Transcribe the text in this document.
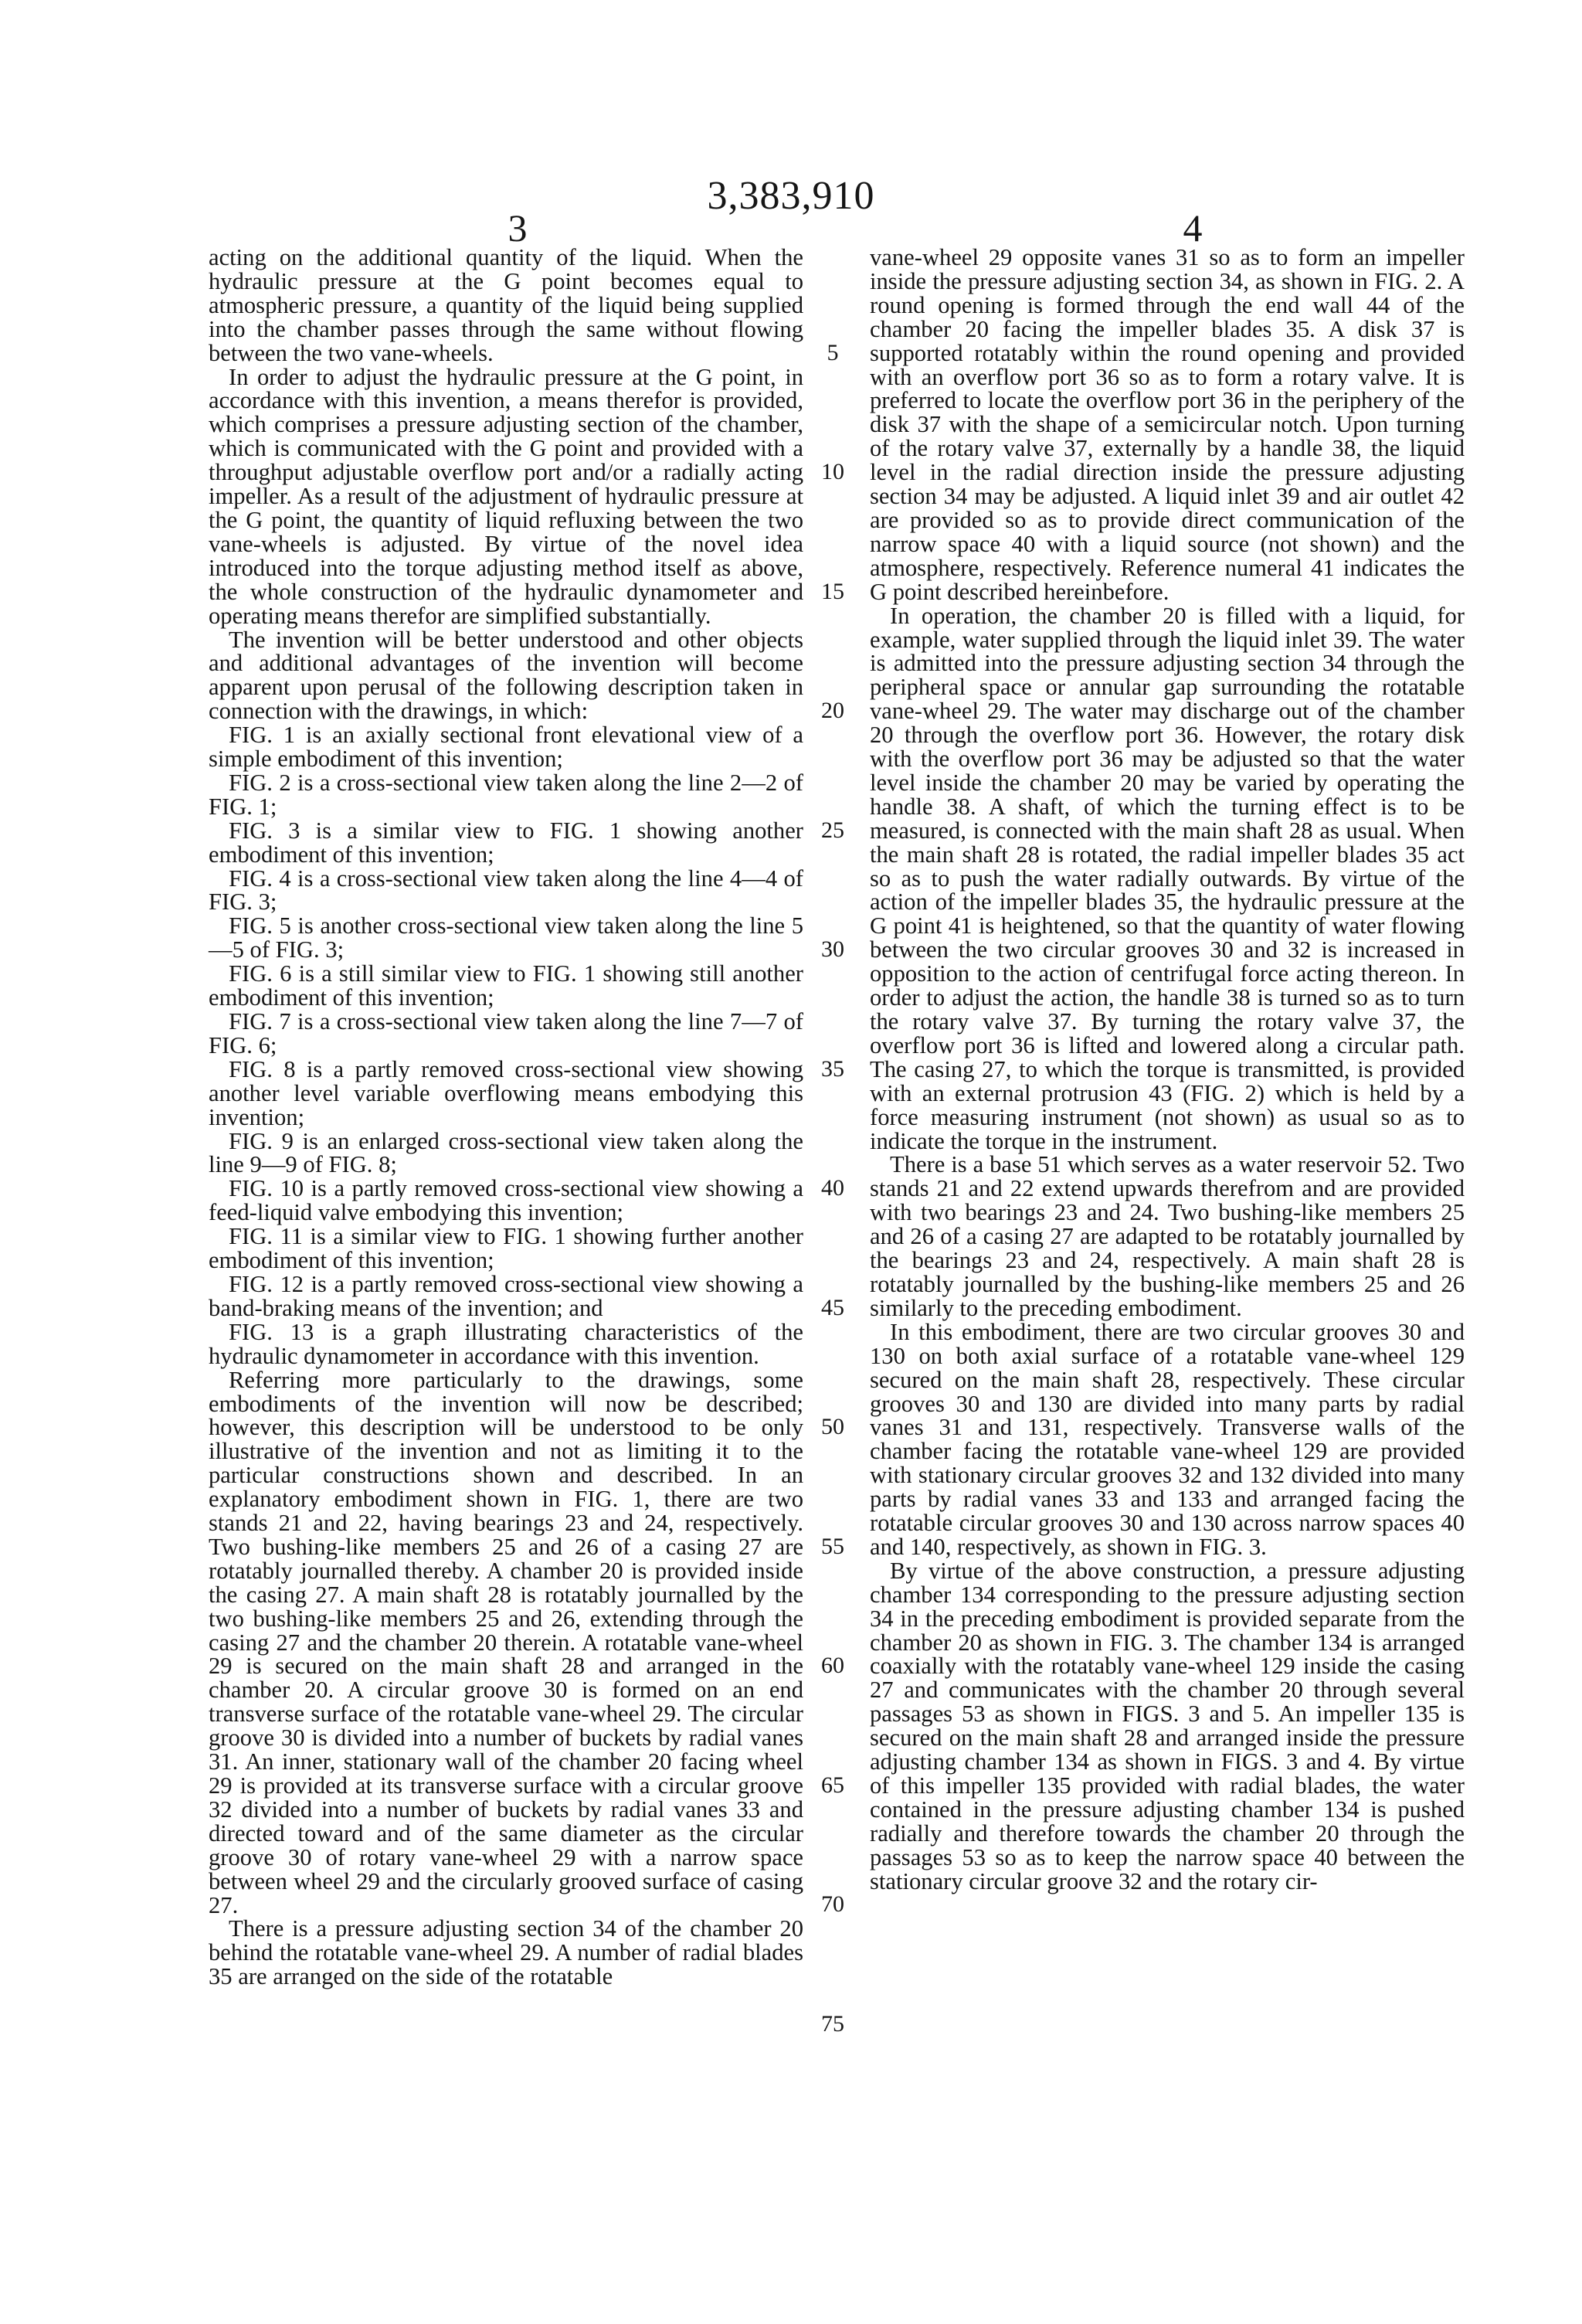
3,383,910
3	4

acting on the additional quantity of the liquid. When the hydraulic pressure at the G point becomes equal to atmospheric pressure, a quantity of the liquid being supplied into the chamber passes through the same without flowing between the two vane-wheels.

In order to adjust the hydraulic pressure at the G point, in accordance with this invention, a means therefor is provided, which comprises a pressure adjusting section of the chamber, which is communicated with the G point and provided with a throughput adjustable overflow port and/or a radially acting impeller. As a result of the adjustment of hydraulic pressure at the G point, the quantity of liquid refluxing between the two vane-wheels is adjusted. By virtue of the novel idea introduced into the torque adjusting method itself as above, the whole construction of the hydraulic dynamometer and operating means therefor are simplified substantially.

The invention will be better understood and other objects and additional advantages of the invention will become apparent upon perusal of the following description taken in connection with the drawings, in which:

FIG. 1 is an axially sectional front elevational view of a simple embodiment of this invention;

FIG. 2 is a cross-sectional view taken along the line 2—2 of FIG. 1;

FIG. 3 is a similar view to FIG. 1 showing another embodiment of this invention;

FIG. 4 is a cross-sectional view taken along the line 4—4 of FIG. 3;

FIG. 5 is another cross-sectional view taken along the line 5—5 of FIG. 3;

FIG. 6 is a still similar view to FIG. 1 showing still another embodiment of this invention;

FIG. 7 is a cross-sectional view taken along the line 7—7 of FIG. 6;

FIG. 8 is a partly removed cross-sectional view showing another level variable overflowing means embodying this invention;

FIG. 9 is an enlarged cross-sectional view taken along the line 9—9 of FIG. 8;

FIG. 10 is a partly removed cross-sectional view showing a feed-liquid valve embodying this invention;

FIG. 11 is a similar view to FIG. 1 showing further another embodiment of this invention;

FIG. 12 is a partly removed cross-sectional view showing a band-braking means of the invention; and

FIG. 13 is a graph illustrating characteristics of the hydraulic dynamometer in accordance with this invention.

Referring more particularly to the drawings, some embodiments of the invention will now be described; however, this description will be understood to be only illustrative of the invention and not as limiting it to the particular constructions shown and described. In an explanatory embodiment shown in FIG. 1, there are two stands 21 and 22, having bearings 23 and 24, respectively. Two bushing-like members 25 and 26 of a casing 27 are rotatably journalled thereby. A chamber 20 is provided inside the casing 27. A main shaft 28 is rotatably journalled by the two bushing-like members 25 and 26, extending through the casing 27 and the chamber 20 therein. A rotatable vane-wheel 29 is secured on the main shaft 28 and arranged in the chamber 20. A circular groove 30 is formed on an end transverse surface of the rotatable vane-wheel 29. The circular groove 30 is divided into a number of buckets by radial vanes 31. An inner, stationary wall of the chamber 20 facing wheel 29 is provided at its transverse surface with a circular groove 32 divided into a number of buckets by radial vanes 33 and directed toward and of the same diameter as the circular groove 30 of rotary vane-wheel 29 with a narrow space between wheel 29 and the circularly grooved surface of casing 27.

There is a pressure adjusting section 34 of the chamber 20 behind the rotatable vane-wheel 29. A number of radial blades 35 are arranged on the side of the rotatable

5
10
15
20
25
30
35
40
45
50
55
60
65
70
75

vane-wheel 29 opposite vanes 31 so as to form an impeller inside the pressure adjusting section 34, as shown in FIG. 2. A round opening is formed through the end wall 44 of the chamber 20 facing the impeller blades 35. A disk 37 is supported rotatably within the round opening and provided with an overflow port 36 so as to form a rotary valve. It is preferred to locate the overflow port 36 in the periphery of the disk 37 with the shape of a semicircular notch. Upon turning of the rotary valve 37, externally by a handle 38, the liquid level in the radial direction inside the pressure adjusting section 34 may be adjusted. A liquid inlet 39 and air outlet 42 are provided so as to provide direct communication of the narrow space 40 with a liquid source (not shown) and the atmosphere, respectively. Reference numeral 41 indicates the G point described hereinbefore.

In operation, the chamber 20 is filled with a liquid, for example, water supplied through the liquid inlet 39. The water is admitted into the pressure adjusting section 34 through the peripheral space or annular gap surrounding the rotatable vane-wheel 29. The water may discharge out of the chamber 20 through the overflow port 36. However, the rotary disk with the overflow port 36 may be adjusted so that the water level inside the chamber 20 may be varied by operating the handle 38. A shaft, of which the turning effect is to be measured, is connected with the main shaft 28 as usual. When the main shaft 28 is rotated, the radial impeller blades 35 act so as to push the water radially outwards. By virtue of the action of the impeller blades 35, the hydraulic pressure at the G point 41 is heightened, so that the quantity of water flowing between the two circular grooves 30 and 32 is increased in opposition to the action of centrifugal force acting thereon. In order to adjust the action, the handle 38 is turned so as to turn the rotary valve 37. By turning the rotary valve 37, the overflow port 36 is lifted and lowered along a circular path. The casing 27, to which the torque is transmitted, is provided with an external protrusion 43 (FIG. 2) which is held by a force measuring instrument (not shown) as usual so as to indicate the torque in the instrument.

There is a base 51 which serves as a water reservoir 52. Two stands 21 and 22 extend upwards therefrom and are provided with two bearings 23 and 24. Two bushing-like members 25 and 26 of a casing 27 are adapted to be rotatably journalled by the bearings 23 and 24, respectively. A main shaft 28 is rotatably journalled by the bushing-like members 25 and 26 similarly to the preceding embodiment.

In this embodiment, there are two circular grooves 30 and 130 on both axial surface of a rotatable vane-wheel 129 secured on the main shaft 28, respectively. These circular grooves 30 and 130 are divided into many parts by radial vanes 31 and 131, respectively. Transverse walls of the chamber facing the rotatable vane-wheel 129 are provided with stationary circular grooves 32 and 132 divided into many parts by radial vanes 33 and 133 and arranged facing the rotatable circular grooves 30 and 130 across narrow spaces 40 and 140, respectively, as shown in FIG. 3.

By virtue of the above construction, a pressure adjusting chamber 134 corresponding to the pressure adjusting section 34 in the preceding embodiment is provided separate from the chamber 20 as shown in FIG. 3. The chamber 134 is arranged coaxially with the rotatably vane-wheel 129 inside the casing 27 and communicates with the chamber 20 through several passages 53 as shown in FIGS. 3 and 5. An impeller 135 is secured on the main shaft 28 and arranged inside the pressure adjusting chamber 134 as shown in FIGS. 3 and 4. By virtue of this impeller 135 provided with radial blades, the water contained in the pressure adjusting chamber 134 is pushed radially and therefore towards the chamber 20 through the passages 53 so as to keep the narrow space 40 between the stationary circular groove 32 and the rotary cir-
